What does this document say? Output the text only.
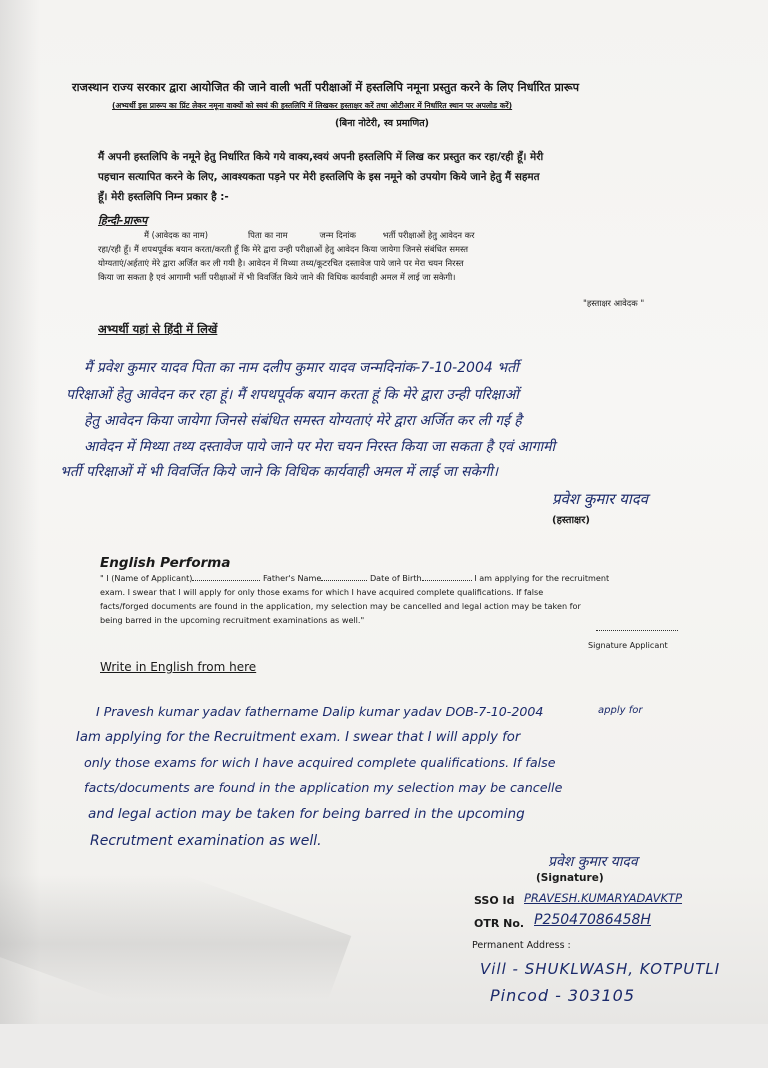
राजस्थान राज्य सरकार द्वारा आयोजित की जाने वाली भर्ती परीक्षाओं में हस्तलिपि नमूना प्रस्तुत करने के लिए निर्धारित प्रारूप
(अभ्यर्थी इस प्रारूप का प्रिंट लेकर नमूना वाक्यों को स्वयं की हस्तलिपि में लिखकर हस्ताक्षर करें तथा ओटीआर में निर्धारित स्थान पर अपलोड करें)
(बिना नोटेरी, स्व प्रमाणित)
मैं अपनी हस्तलिपि के नमूने हेतु निर्धारित किये गये वाक्य,स्वयं अपनी हस्तलिपि में लिख कर प्रस्तुत कर रहा/रही हूँ। मेरी
पहचान सत्यापित करने के लिए, आवश्यकता पड़ने पर मेरी हस्तलिपि के इस नमूने को उपयोग किये जाने हेतु मैं सहमत
हूँ। मेरी हस्तलिपि निम्न प्रकार है :-
हिन्दी-प्रारूप
मैं (आवेदक का नाम)               पिता का नाम            जन्म दिनांक          भर्ती परीक्षाओं हेतु आवेदन कर
रहा/रही हूँ। मैं शपथपूर्वक बयान करता/करती हूँ कि मेरे द्वारा उन्ही परीक्षाओं हेतु आवेदन किया जायेगा जिनसे संबंधित समस्त
योग्यताएं/अर्हताएं मेरे द्वारा अर्जित कर ली गयी है। आवेदन में मिथ्या तथ्य/कूटरचित दस्तावेज पाये जाने पर मेरा चयन निरस्त
किया जा सकता है एवं आगामी भर्ती परीक्षाओं में भी विवर्जित किये जाने की विधिक कार्यवाही अमल में लाई जा सकेगी।
"हस्ताक्षर आवेदक "
अभ्यर्थी यहां से हिंदी में लिखें
मैं प्रवेश कुमार यादव पिता का नाम दलीप कुमार यादव जन्मदिनांक-7-10-2004 भर्ती
परिक्षाओं हेतु आवेदन कर रहा हूं। मैं शपथपूर्वक बयान करता हूं कि मेरे द्वारा उन्ही परिक्षाओं
हेतु आवेदन किया जायेगा जिनसे संबंधित समस्त योग्यताएं मेरे द्वारा अर्जित कर ली गई है
आवेदन में मिथ्या तथ्य दस्तावेज पाये जाने पर मेरा चयन निरस्त किया जा सकता है एवं आगामी
भर्ती परिक्षाओं में भी विवर्जित किये जाने कि विधिक कार्यवाही अमल में लाई जा सकेगी।
प्रवेश कुमार यादव
(हस्ताक्षर)
English Performa
" I (Name of Applicant)	Father's Name	Date of Birth	I am applying for the recruitment
exam. I swear that I will apply for only those exams for which I have acquired complete qualifications. If false
facts/forged documents are found in the application, my selection may be cancelled and legal action may be taken for
being barred in the upcoming recruitment examinations as well."
Signature Applicant
Write in English from here
apply for
I Pravesh kumar yadav fathername Dalip kumar yadav DOB-7-10-2004
Iam applying for the Recruitment exam. I swear that I will apply for
only those exams for wich I have acquired complete qualifications. If false
facts/documents are found in the application my selection may be cancelle
and legal action may be taken for being barred in the upcoming
Recrutment examination as well.
प्रवेश कुमार यादव
(Signature)
SSO Id PRAVESH.KUMARYADAVKTP
OTR No. P25047086458H
Permanent Address :
Vill - SHUKLWASH, KOTPUTLI
Pincod - 303105
